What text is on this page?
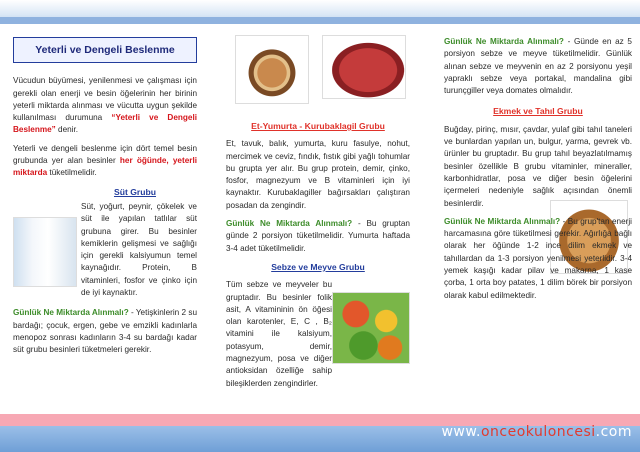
Yeterli ve Dengeli Beslenme

Vücudun büyümesi, yenilenmesi ve çalışması için gerekli olan enerji ve besin öğelerinin her birinin yeterli miktarda alınması ve vücutta uygun şekilde kullanılması durumuna “Yeterli ve Dengeli Beslenme” denir.

Yeterli ve dengeli beslenme için dört temel besin grubunda yer alan besinler her öğünde, yeterli miktarda tüketilmelidir.

Süt Grubu

Süt, yoğurt, peynir, çökelek ve süt ile yapılan tatlılar süt grubuna girer. Bu besinler kemiklerin gelişmesi ve sağlığı için gerekli kalsiyumun temel kaynağıdır. Protein, B vitaminleri, fosfor ve çinko için de iyi kaynaktır.

Günlük Ne Miktarda Alınmalı? - Yetişkinlerin 2 su bardağı; çocuk, ergen, gebe ve emzikli kadınlarla menopoz sonrası kadınların 3-4 su bardağı kadar süt grubu besinleri tüketmeleri gerekir.

Et-Yumurta - Kurubaklagil Grubu

Et, tavuk, balık, yumurta, kuru fasulye, nohut, mercimek ve ceviz, fındık, fıstık gibi yağlı tohumlar bu grupta yer alır. Bu grup protein, demir, çinko, fosfor, magnezyum ve B vitaminleri için iyi kaynaktır. Kurubaklagiller bağırsakları çalıştıran posadan da zengindir.

Günlük Ne Miktarda Alınmalı? - Bu gruptan günde 2 porsiyon tüketilmelidir. Yumurta haftada 3-4 adet tüketilmelidir.

Sebze ve Meyve Grubu

Tüm sebze ve meyveler bu gruptadır. Bu besinler folik asit, A vitamininin ön öğesi olan karotenler, E, C , B₂ vitamini ile kalsiyum, potasyum, demir, magnezyum, posa ve diğer antioksidan özelliğe sahip bileşiklerden zengindirler.

Günlük Ne Miktarda Alınmalı? - Günde en az 5 porsiyon sebze ve meyve tüketilmelidir. Günlük alınan sebze ve meyvenin en az 2 porsiyonu yeşil yapraklı sebze veya portakal, mandalina gibi turunçgiller veya domates olmalıdır.

Ekmek ve Tahıl Grubu

Buğday, pirinç, mısır, çavdar, yulaf gibi tahıl taneleri ve bunlardan yapılan un, bulgur, yarma, gevrek vb. ürünler bu gruptadır. Bu grup tahıl beyazlatılmamış besinler özellikle B grubu vitaminler, mineraller, karbonhidratlar, posa ve diğer besin öğelerini içermeleri nedeniyle sağlık açısından önemli besinlerdir.

Günlük Ne Miktarda Alınmalı? - Bu grup'tan enerji harcamasına göre tüketilmesi gerekir. Ağırlığa bağlı olarak her öğünde 1-2 ince dilim ekmek ve tahıllardan da 1-3 porsiyon yenilmesi yeterlidir. 3-4 yemek kaşığı kadar pilav ve makarna, 1 kase çorba, 1 orta boy patates, 1 dilim börek bir porsiyon olarak kabul edilmektedir.

www.onceokuloncesi.com
